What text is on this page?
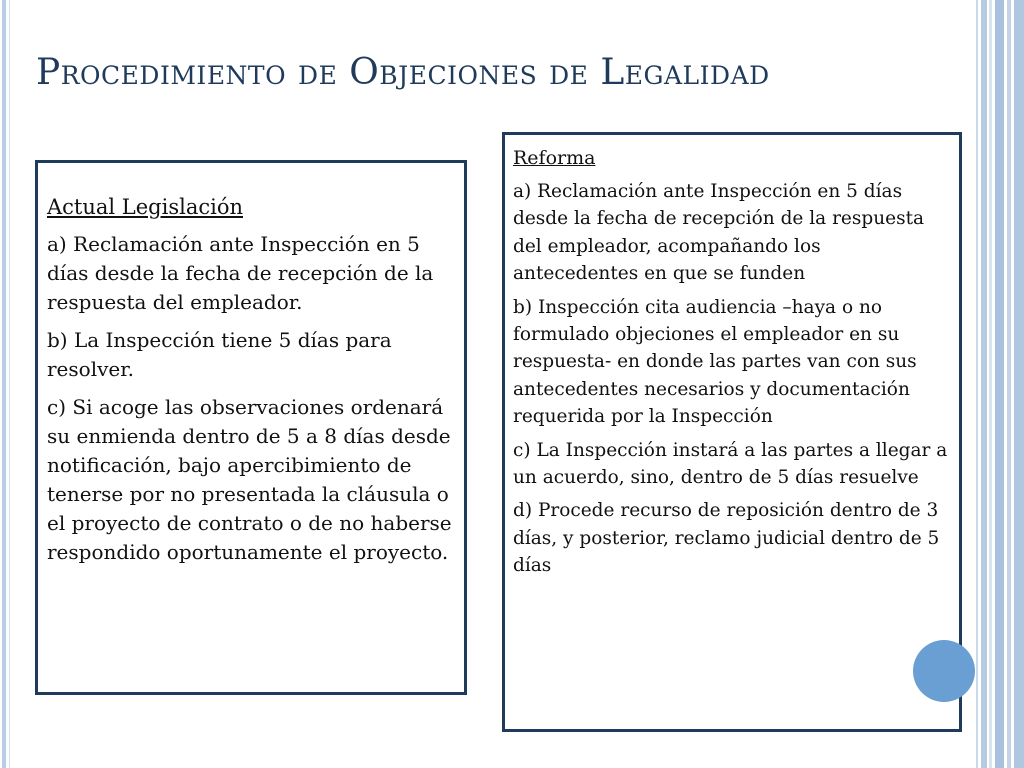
Procedimiento de Objeciones de Legalidad

Actual Legislación

a) Reclamación ante Inspección en 5 días desde la fecha de recepción de la respuesta del empleador.

b) La Inspección tiene 5 días para resolver.

c) Si acoge las observaciones ordenará su enmienda dentro de 5 a 8 días desde notificación, bajo apercibimiento de tenerse por no presentada la cláusula o el proyecto de contrato o de no haberse respondido oportunamente el proyecto.

Reforma

a) Reclamación ante Inspección en 5 días desde la fecha de recepción de la respuesta del empleador, acompañando los antecedentes en que se funden

b) Inspección cita audiencia –haya o no formulado objeciones el empleador en su respuesta- en donde las partes van con sus antecedentes necesarios y documentación requerida por la Inspección

c) La Inspección instará a las partes a llegar a un acuerdo, sino, dentro de 5 días resuelve

d) Procede recurso de reposición dentro de 3 días, y posterior, reclamo judicial dentro de 5 días
